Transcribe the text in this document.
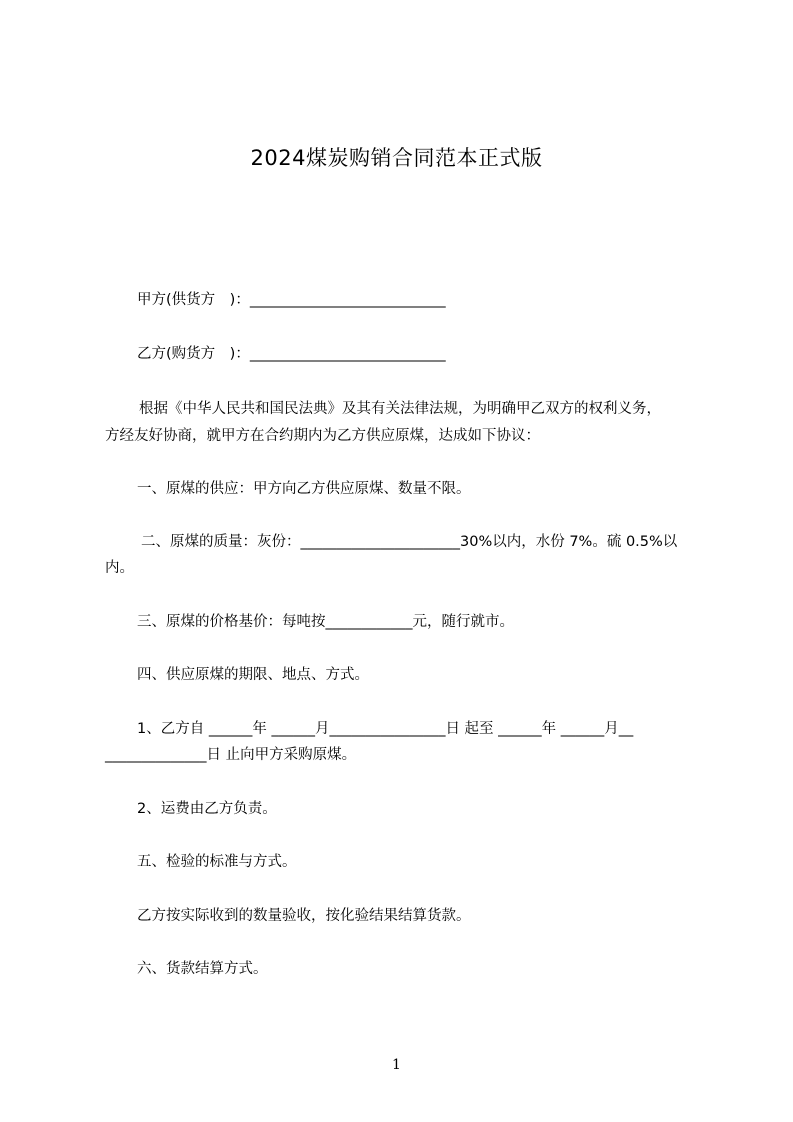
2024煤炭购销合同范本正式版
甲方(供货方　)：___________________________
乙方(购货方　)：___________________________
根据《中华人民共和国民法典》及其有关法律法规，为明确甲乙双方的权利义务，
方经友好协商，就甲方在合约期内为乙方供应原煤，达成如下协议：
一、原煤的供应：甲方向乙方供应原煤、数量不限。
二、原煤的质量：灰份：______________________30%以内，水份 7%。硫 0.5%以
内。
三、原煤的价格基价：每吨按____________元，随行就市。
四、供应原煤的期限、地点、方式。
1、乙方自 ______年 ______月________________日 起至 ______年 ______月__
______________日 止向甲方采购原煤。
2、运费由乙方负责。
五、检验的标准与方式。
乙方按实际收到的数量验收，按化验结果结算货款。
六、货款结算方式。
1
